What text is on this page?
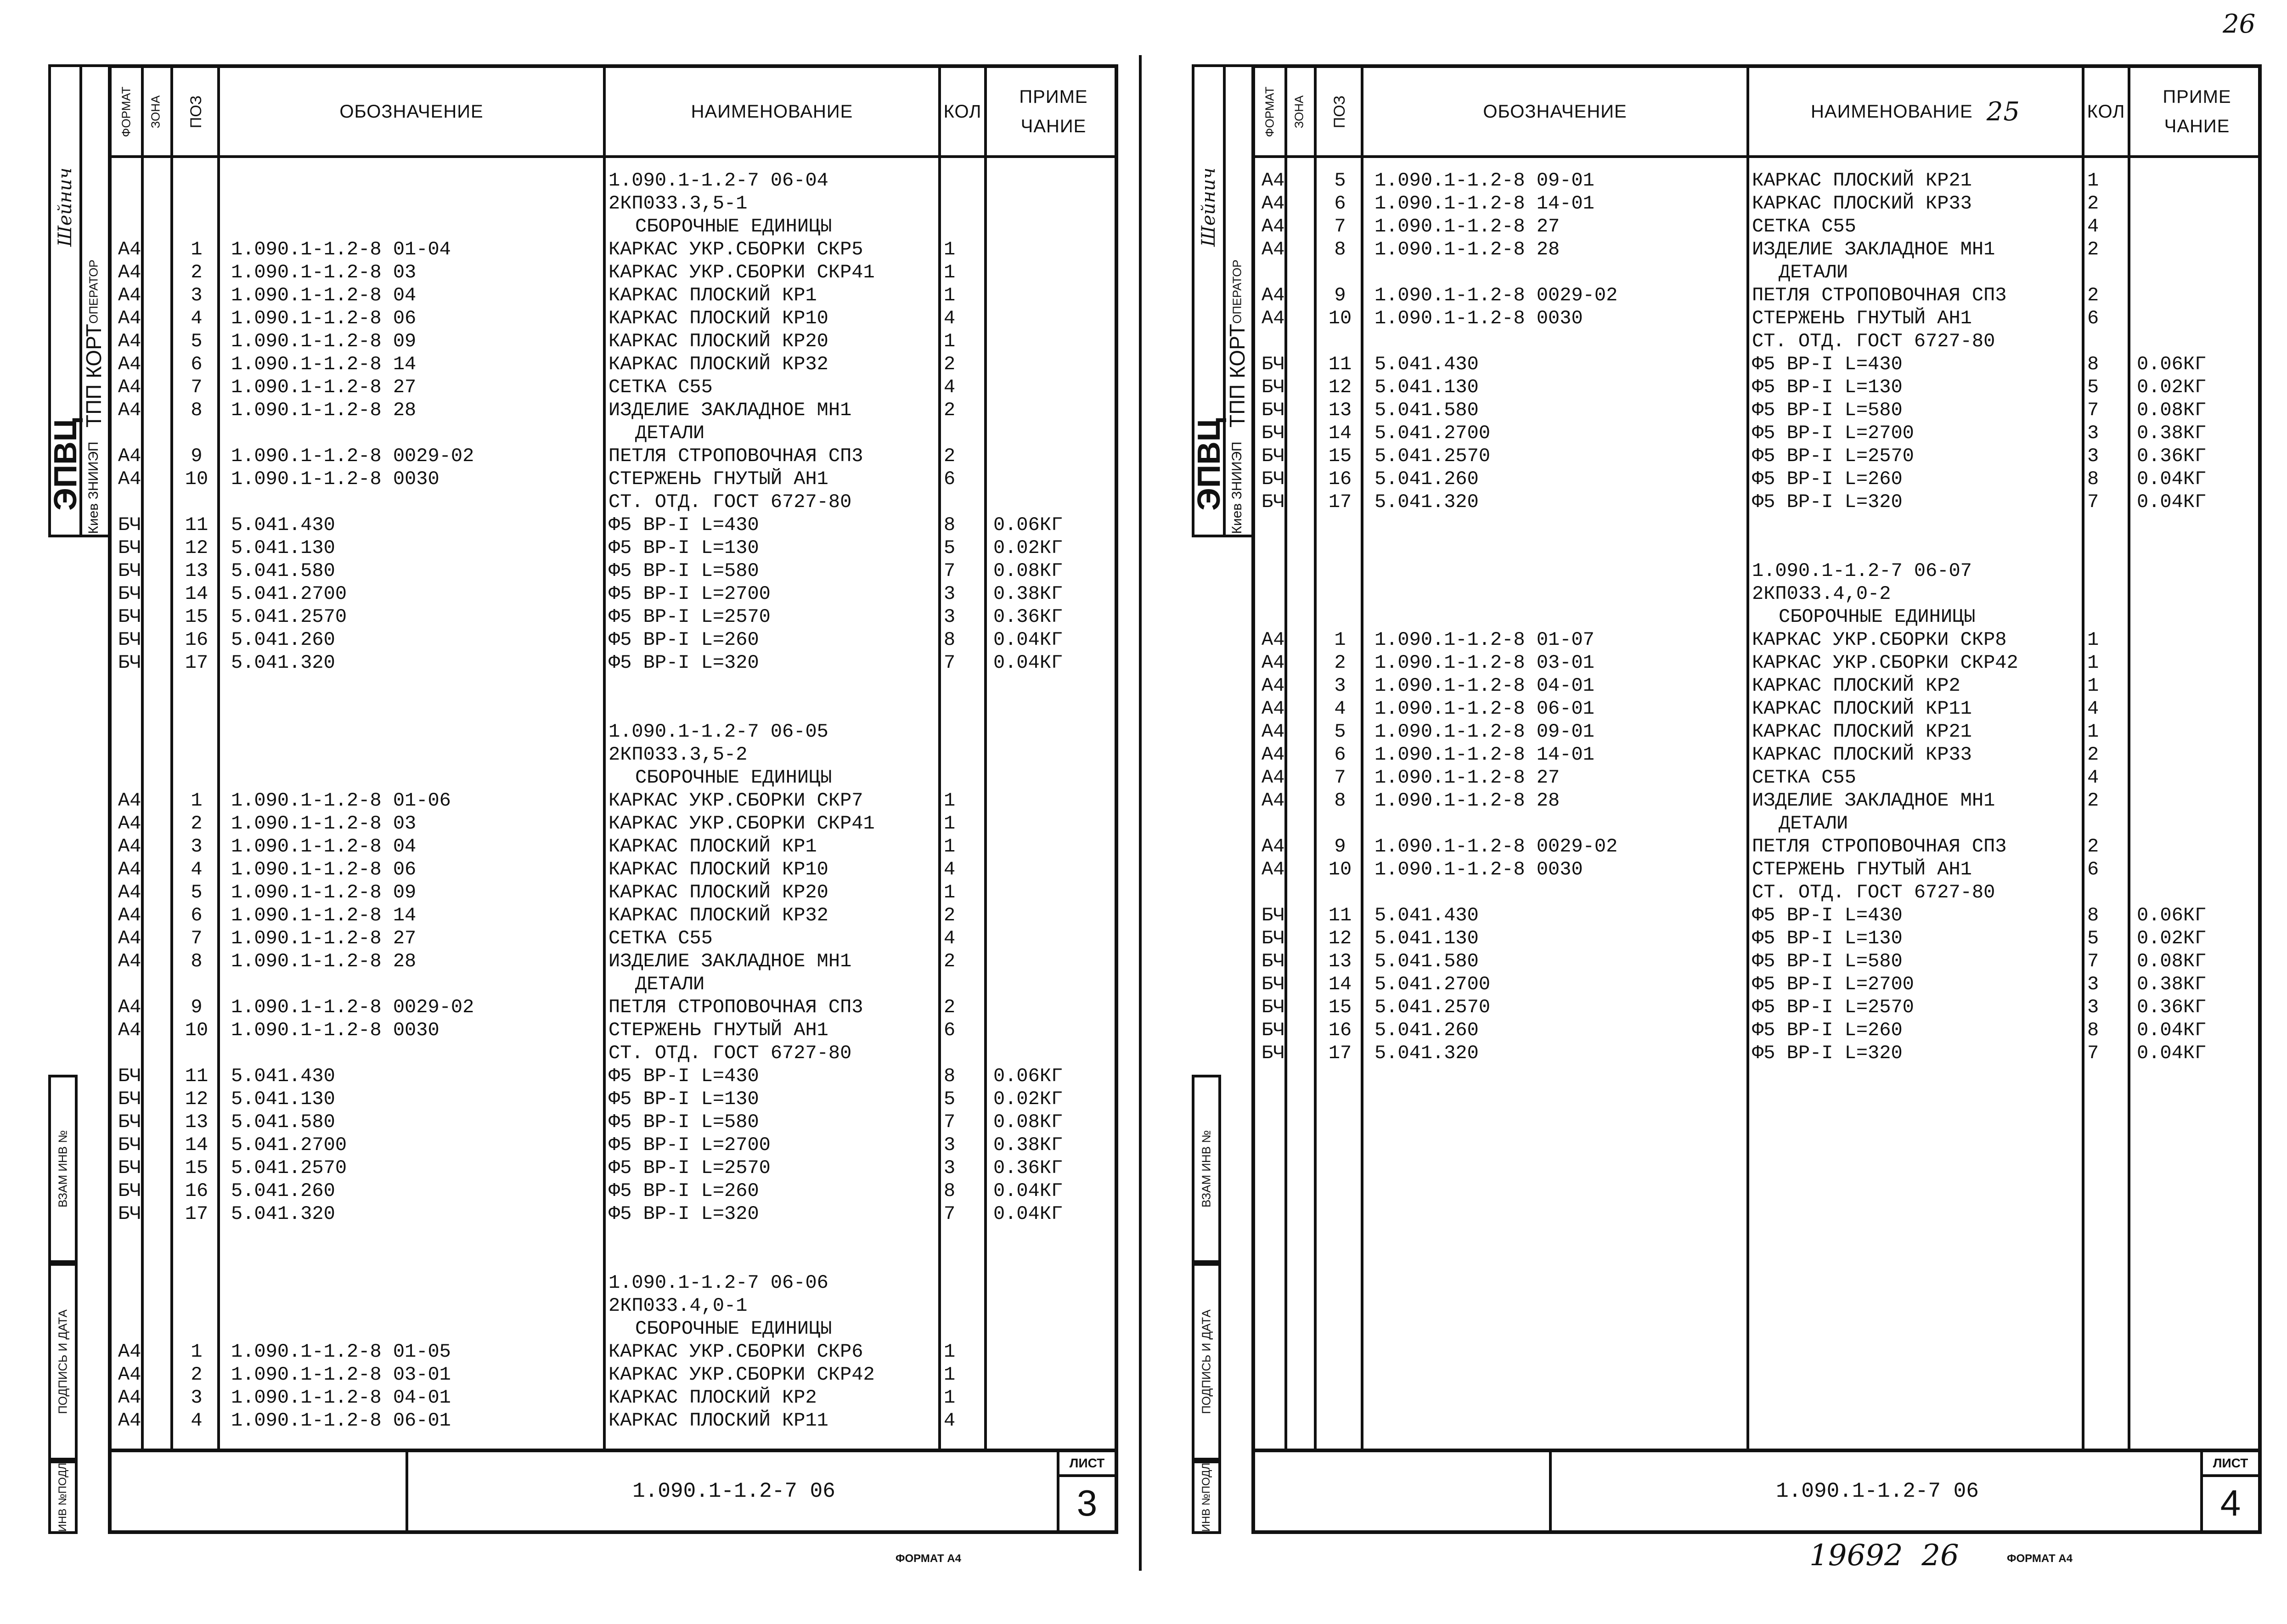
ЭПВЦ
Шейнич
Киев ЗНИИЭП
ТПП КОРТ
ОПЕРАТОР
ВЗАМ ИНВ №
ПОДПИСЬ И ДАТА
ИНВ №ПОДЛ
ФОРМАТ ЗОНА ПОЗ	ОБОЗНАЧЕНИЕ	НАИМЕНОВАНИЕ	КОЛ
ПРИМЕ
ЧАНИЕ
1.090.1-1.2-7 06-04
2КП033.3,5-1
СБОРОЧНЫЕ ЕДИНИЦЫ
А4	1	1.090.1-1.2-8 01-04	КАРКАС УКР.СБОРКИ СКР5	1
А4	2	1.090.1-1.2-8 03	КАРКАС УКР.СБОРКИ СКР41	1
А4	3	1.090.1-1.2-8 04	КАРКАС ПЛОСКИЙ КР1	1
А4	4	1.090.1-1.2-8 06	КАРКАС ПЛОСКИЙ КР10	4
А4	5	1.090.1-1.2-8 09	КАРКАС ПЛОСКИЙ КР20	1
А4	6	1.090.1-1.2-8 14	КАРКАС ПЛОСКИЙ КР32	2
А4	7	1.090.1-1.2-8 27	СЕТКА С55	4
А4	8	1.090.1-1.2-8 28	ИЗДЕЛИЕ ЗАКЛАДНОЕ МН1	2
ДЕТАЛИ
А4	9	1.090.1-1.2-8 0029-02	ПЕТЛЯ СТРОПОВОЧНАЯ СП3	2
А4	10	1.090.1-1.2-8 0030	СТЕРЖЕНЬ ГНУТЫЙ АН1	6
СТ. ОТД. ГОСТ 6727-80
БЧ	11	5.041.430	Ф5 ВР-I L=430	8 0.06КГ
БЧ	12	5.041.130	Ф5 ВР-I L=130	5 0.02КГ
БЧ	13	5.041.580	Ф5 ВР-I L=580	7 0.08КГ
БЧ	14	5.041.2700	Ф5 ВР-I L=2700	3 0.38КГ
БЧ	15	5.041.2570	Ф5 ВР-I L=2570	3 0.36КГ
БЧ	16	5.041.260	Ф5 ВР-I L=260	8 0.04КГ
БЧ	17	5.041.320	Ф5 ВР-I L=320	7 0.04КГ
1.090.1-1.2-7 06-05
2КП033.3,5-2
СБОРОЧНЫЕ ЕДИНИЦЫ
А4	1	1.090.1-1.2-8 01-06	КАРКАС УКР.СБОРКИ СКР7	1
А4	2	1.090.1-1.2-8 03	КАРКАС УКР.СБОРКИ СКР41	1
А4	3	1.090.1-1.2-8 04	КАРКАС ПЛОСКИЙ КР1	1
А4	4	1.090.1-1.2-8 06	КАРКАС ПЛОСКИЙ КР10	4
А4	5	1.090.1-1.2-8 09	КАРКАС ПЛОСКИЙ КР20	1
А4	6	1.090.1-1.2-8 14	КАРКАС ПЛОСКИЙ КР32	2
А4	7	1.090.1-1.2-8 27	СЕТКА С55	4
А4	8	1.090.1-1.2-8 28	ИЗДЕЛИЕ ЗАКЛАДНОЕ МН1	2
ДЕТАЛИ
А4	9	1.090.1-1.2-8 0029-02	ПЕТЛЯ СТРОПОВОЧНАЯ СП3	2
А4	10	1.090.1-1.2-8 0030	СТЕРЖЕНЬ ГНУТЫЙ АН1	6
СТ. ОТД. ГОСТ 6727-80
БЧ	11	5.041.430	Ф5 ВР-I L=430	8 0.06КГ
БЧ	12	5.041.130	Ф5 ВР-I L=130	5 0.02КГ
БЧ	13	5.041.580	Ф5 ВР-I L=580	7 0.08КГ
БЧ	14	5.041.2700	Ф5 ВР-I L=2700	3 0.38КГ
БЧ	15	5.041.2570	Ф5 ВР-I L=2570	3 0.36КГ
БЧ	16	5.041.260	Ф5 ВР-I L=260	8 0.04КГ
БЧ	17	5.041.320	Ф5 ВР-I L=320	7 0.04КГ
1.090.1-1.2-7 06-06
2КП033.4,0-1
СБОРОЧНЫЕ ЕДИНИЦЫ
А4	1	1.090.1-1.2-8 01-05	КАРКАС УКР.СБОРКИ СКР6	1
А4	2	1.090.1-1.2-8 03-01	КАРКАС УКР.СБОРКИ СКР42	1
А4	3	1.090.1-1.2-8 04-01	КАРКАС ПЛОСКИЙ КР2	1
А4	4	1.090.1-1.2-8 06-01	КАРКАС ПЛОСКИЙ КР11	4
1.090.1-1.2-7 06
ЛИСТ
3
ФОРМАТ А4
ЭПВЦ
Шейнич
Киев ЗНИИЭП
ТПП КОРТ
ОПЕРАТОР
ВЗАМ ИНВ №
ПОДПИСЬ И ДАТА
ИНВ №ПОДЛ
ФОРМАТ ЗОНА ПОЗ	ОБОЗНАЧЕНИЕ	НАИМЕНОВАНИЕ 25	КОЛ
ПРИМЕ
ЧАНИЕ
А4	5	1.090.1-1.2-8 09-01	КАРКАС ПЛОСКИЙ КР21	1
А4	6	1.090.1-1.2-8 14-01	КАРКАС ПЛОСКИЙ КР33	2
А4	7	1.090.1-1.2-8 27	СЕТКА С55	4
А4	8	1.090.1-1.2-8 28	ИЗДЕЛИЕ ЗАКЛАДНОЕ МН1	2
ДЕТАЛИ
А4	9	1.090.1-1.2-8 0029-02	ПЕТЛЯ СТРОПОВОЧНАЯ СП3	2
А4	10	1.090.1-1.2-8 0030	СТЕРЖЕНЬ ГНУТЫЙ АН1	6
СТ. ОТД. ГОСТ 6727-80
БЧ	11	5.041.430	Ф5 ВР-I L=430	8 0.06КГ
БЧ	12	5.041.130	Ф5 ВР-I L=130	5 0.02КГ
БЧ	13	5.041.580	Ф5 ВР-I L=580	7 0.08КГ
БЧ	14	5.041.2700	Ф5 ВР-I L=2700	3 0.38КГ
БЧ	15	5.041.2570	Ф5 ВР-I L=2570	3 0.36КГ
БЧ	16	5.041.260	Ф5 ВР-I L=260	8 0.04КГ
БЧ	17	5.041.320	Ф5 ВР-I L=320	7 0.04КГ
1.090.1-1.2-7 06-07
2КП033.4,0-2
СБОРОЧНЫЕ ЕДИНИЦЫ
А4	1	1.090.1-1.2-8 01-07	КАРКАС УКР.СБОРКИ СКР8	1
А4	2	1.090.1-1.2-8 03-01	КАРКАС УКР.СБОРКИ СКР42	1
А4	3	1.090.1-1.2-8 04-01	КАРКАС ПЛОСКИЙ КР2	1
А4	4	1.090.1-1.2-8 06-01	КАРКАС ПЛОСКИЙ КР11	4
А4	5	1.090.1-1.2-8 09-01	КАРКАС ПЛОСКИЙ КР21	1
А4	6	1.090.1-1.2-8 14-01	КАРКАС ПЛОСКИЙ КР33	2
А4	7	1.090.1-1.2-8 27	СЕТКА С55	4
А4	8	1.090.1-1.2-8 28	ИЗДЕЛИЕ ЗАКЛАДНОЕ МН1	2
ДЕТАЛИ
А4	9	1.090.1-1.2-8 0029-02	ПЕТЛЯ СТРОПОВОЧНАЯ СП3	2
А4	10	1.090.1-1.2-8 0030	СТЕРЖЕНЬ ГНУТЫЙ АН1	6
СТ. ОТД. ГОСТ 6727-80
БЧ	11	5.041.430	Ф5 ВР-I L=430	8 0.06КГ
БЧ	12	5.041.130	Ф5 ВР-I L=130	5 0.02КГ
БЧ	13	5.041.580	Ф5 ВР-I L=580	7 0.08КГ
БЧ	14	5.041.2700	Ф5 ВР-I L=2700	3 0.38КГ
БЧ	15	5.041.2570	Ф5 ВР-I L=2570	3 0.36КГ
БЧ	16	5.041.260	Ф5 ВР-I L=260	8 0.04КГ
БЧ	17	5.041.320	Ф5 ВР-I L=320	7 0.04КГ
1.090.1-1.2-7 06
ЛИСТ
4
26
19692 26	ФОРМАТ А4
